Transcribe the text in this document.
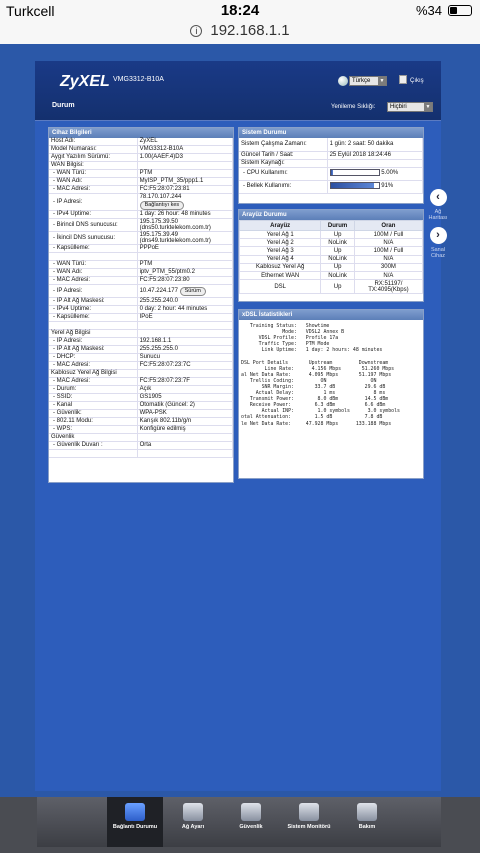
Turkcell	18:24	%34
i 192.168.1.1
ZyXEL VMG3312-B10A	Türkçe	▼	Çıkış
Durum	Yenileme Sıklığı:	Hiçbiri	▼
Cihaz Bilgileri
Host Adı:	ZyXEL
Model Numarası:	VMG3312-B10A
Aygıt Yazılım Sürümü:	1.00(AAEF.4)D3
WAN Bilgisi:	
- WAN Türü:	PTM
- WAN Adı:	MyISP_PTM_35/ppp1.1
- MAC Adresi:	FC:F5:28:07:23:81
- IP Adresi:	78.170.107.244
Bağlantıyı kes
- IPv4 Uptime:	1 day: 26 hour: 48 minutes
- Birincil DNS sunucusu:	195.175.39.50
(dns50.turktelekom.com.tr)

- İkincil DNS sunucusu:	195.175.39.49
(dns49.turktelekom.com.tr)

- Kapsülleme:	PPPoE

- WAN Türü:	PTM
- WAN Adı:	iptv_PTM_55/ptm0.2
- MAC Adresi:	FC:F5:28:07:23:80
- IP Adresi:	10.47.224.177 Sürüm
- IP Alt Ağ Maskesi:	255.255.240.0
- IPv4 Uptime:	0 day: 2 hour: 44 minutes
- Kapsülleme:	IPoE

Yerel Ağ Bilgisi	
- IP Adresi:	192.168.1.1
- IP Alt Ağ Maskesi:	255.255.255.0
- DHCP:	Sunucu
- MAC Adresi:	FC:F5:28:07:23:7C
Kablosuz Yerel Ağ Bilgisi	
- MAC Adresi:	FC:F5:28:07:23:7F
- Durum:	Açık
- SSID:	GS1905
- Kanal	Otomatik (Güncel: 2)
- Güvenlik:	WPA-PSK
- 802.11 Modu:	Karışık 802.11b/g/n
- WPS:	Konfigüre edilmiş
Güvenlik	
- Güvenlik Duvarı :	Orta

Sistem Durumu
Sistem Çalışma Zamanı:	1 gün: 2 saat: 50 dakika
Güncel Tarih / Saat:	25 Eylül 2018 18:24:46
Sistem Kaynağı:	
- CPU Kullanımı:	5.00%
- Bellek Kullanımı:	91%
Arayüz Durumu
Arayüz	Durum	Oran
Yerel Ağ 1	Up	100M / Full
Yerel Ağ 2	NoLink	N/A
Yerel Ağ 3	Up	100M / Full
Yerel Ağ 4	NoLink	N/A
Kablosuz Yerel Ağ	Up	300M
Ethernet WAN	NoLink	N/A
DSL	Up	RX:51197/
TX:4095(Kbps)
xDSL İstatistikleri
Training Status:   Showtime
Mode:   VDSL2 Annex B
VDSL Profile:   Profile 17a
Traffic Type:   PTM Mode
Link Uptime:   1 day: 2 hours: 48 minutes

DSL Port Details       Upstream         Downstream
Line Rate:      4.156 Mbps       51.260 Mbps
al Net Data Rate:      4.095 Mbps       51.197 Mbps
Trellis Coding:         ON               ON
SNR Margin:       33.7 dB          29.6 dB
Actual Delay:          1 ms             8 ms
Transmit Power:        8.0 dBm         14.5 dBm
Receive Power:        6.3 dBm          6.6 dBm
Actual INP:        1.0 symbols      3.0 symbols
otal Attenuation:        1.5 dB           7.8 dB
le Net Data Rate:     47.928 Mbps      133.188 Mbps
‹
Ağ
Haritası
›
Sanal
Cihaz
Bağlantı Durumu	Ağ Ayarı	Güvenlik	Sistem Monitörü	Bakım
